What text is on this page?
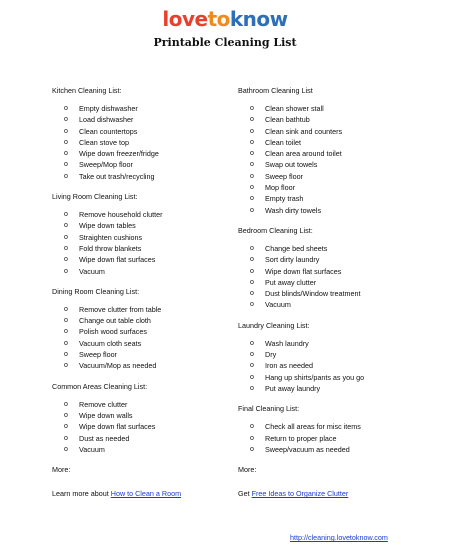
lovetoknow
Printable Cleaning List
Kitchen Cleaning List:
o Empty dishwasher
o Load dishwasher
o Clean countertops
o Clean stove top
o Wipe down freezer/fridge
o Sweep/Mop floor
o Take out trash/recycling
Living Room Cleaning List:
o Remove household clutter
o Wipe down tables
o Straighten cushions
o Fold throw blankets
o Wipe down flat surfaces
o Vacuum
Dining Room Cleaning List:
o Remove clutter from table
o Change out table cloth
o Polish wood surfaces
o Vacuum cloth seats
o Sweep floor
o Vacuum/Mop as needed
Common Areas Cleaning List:
o Remove clutter
o Wipe down walls
o Wipe down flat surfaces
o Dust as needed
o Vacuum
More:
Learn more about How to Clean a Room
Bathroom Cleaning List
o Clean shower stall
o Clean bathtub
o Clean sink and counters
o Clean toilet
o Clean area around toilet
o Swap out towels
o Sweep floor
o Mop floor
o Empty trash
o Wash dirty towels
Bedroom Cleaning List:
o Change bed sheets
o Sort dirty laundry
o Wipe down flat surfaces
o Put away clutter
o Dust blinds/Window treatment
o Vacuum
Laundry Cleaning List:
o Wash laundry
o Dry
o Iron as needed
o Hang up shirts/pants as you go
o Put away laundry
Final Cleaning List:
o Check all areas for misc items
o Return to proper place
o Sweep/vacuum as needed
More:
Get Free Ideas to Organize Clutter
http://cleaning.lovetoknow.com
